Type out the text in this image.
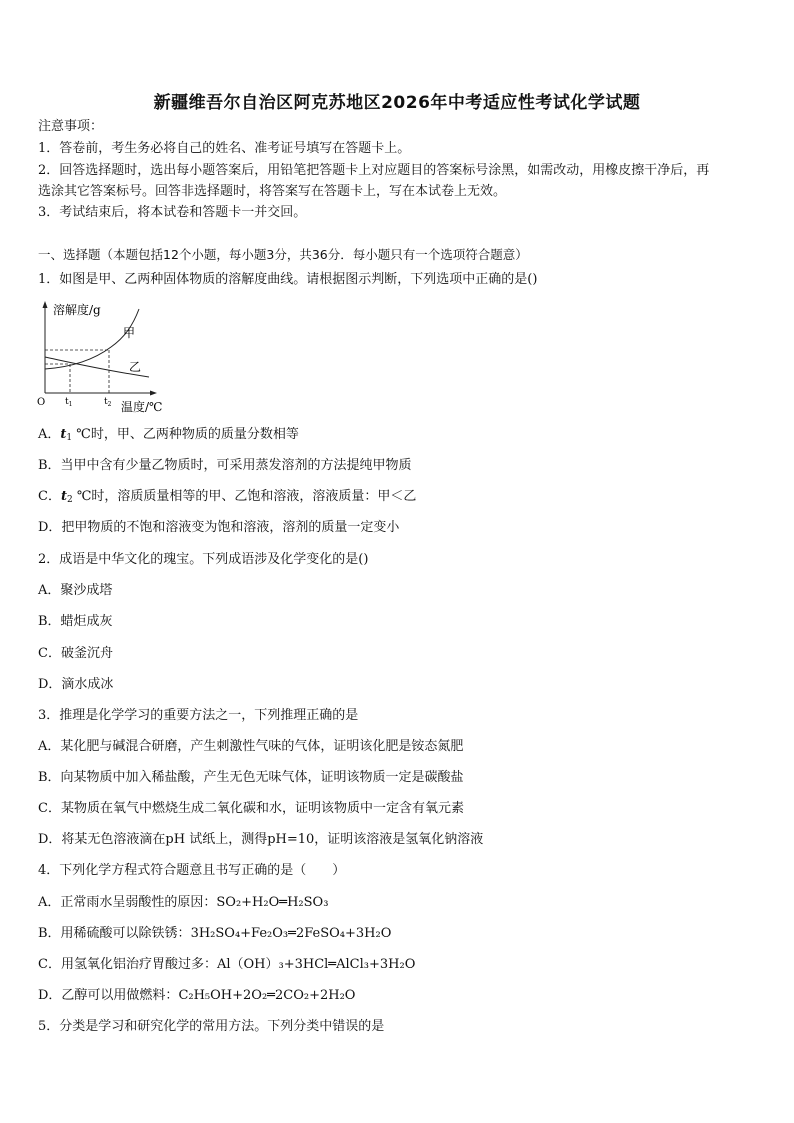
新疆维吾尔自治区阿克苏地区2026年中考适应性考试化学试题
注意事项：
1．答卷前，考生务必将自己的姓名、准考证号填写在答题卡上。
2．回答选择题时，选出每小题答案后，用铅笔把答题卡上对应题目的答案标号涂黑，如需改动，用橡皮擦干净后，再
选涂其它答案标号。回答非选择题时，将答案写在答题卡上，写在本试卷上无效。
3．考试结束后，将本试卷和答题卡一并交回。
一、选择题（本题包括12个小题，每小题3分，共36分．每小题只有一个选项符合题意）
1．如图是甲、乙两种固体物质的溶解度曲线。请根据图示判断，下列选项中正确的是()
溶解度/g
温度/℃
O $t_1$	$t_2$
甲
乙
A．$t_1$ ℃时，甲、乙两种物质的质量分数相等
B．当甲中含有少量乙物质时，可采用蒸发溶剂的方法提纯甲物质
C．$t_2$ ℃时，溶质质量相等的甲、乙饱和溶液，溶液质量：甲＜乙
D．把甲物质的不饱和溶液变为饱和溶液，溶剂的质量一定变小
2．成语是中华文化的瑰宝。下列成语涉及化学变化的是()
A．聚沙成塔
B．蜡炬成灰
C．破釜沉舟
D．滴水成冰
3．推理是化学学习的重要方法之一，下列推理正确的是
A．某化肥与碱混合研磨，产生刺激性气味的气体，证明该化肥是铵态氮肥
B．向某物质中加入稀盐酸，产生无色无味气体，证明该物质一定是碳酸盐
C．某物质在氧气中燃烧生成二氧化碳和水，证明该物质中一定含有氧元素
D．将某无色溶液滴在pH 试纸上，测得pH=10，证明该溶液是氢氧化钠溶液
4．下列化学方程式符合题意且书写正确的是（　　）
A．正常雨水呈弱酸性的原因：SO₂+H₂O═H₂SO₃
B．用稀硫酸可以除铁锈：3H₂SO₄+Fe₂O₃═2FeSO₄+3H₂O
C．用氢氧化铝治疗胃酸过多：Al（OH）₃+3HCl═AlCl₃+3H₂O
D．乙醇可以用做燃料：C₂H₅OH+2O₂═2CO₂+2H₂O
5．分类是学习和研究化学的常用方法。下列分类中错误的是
